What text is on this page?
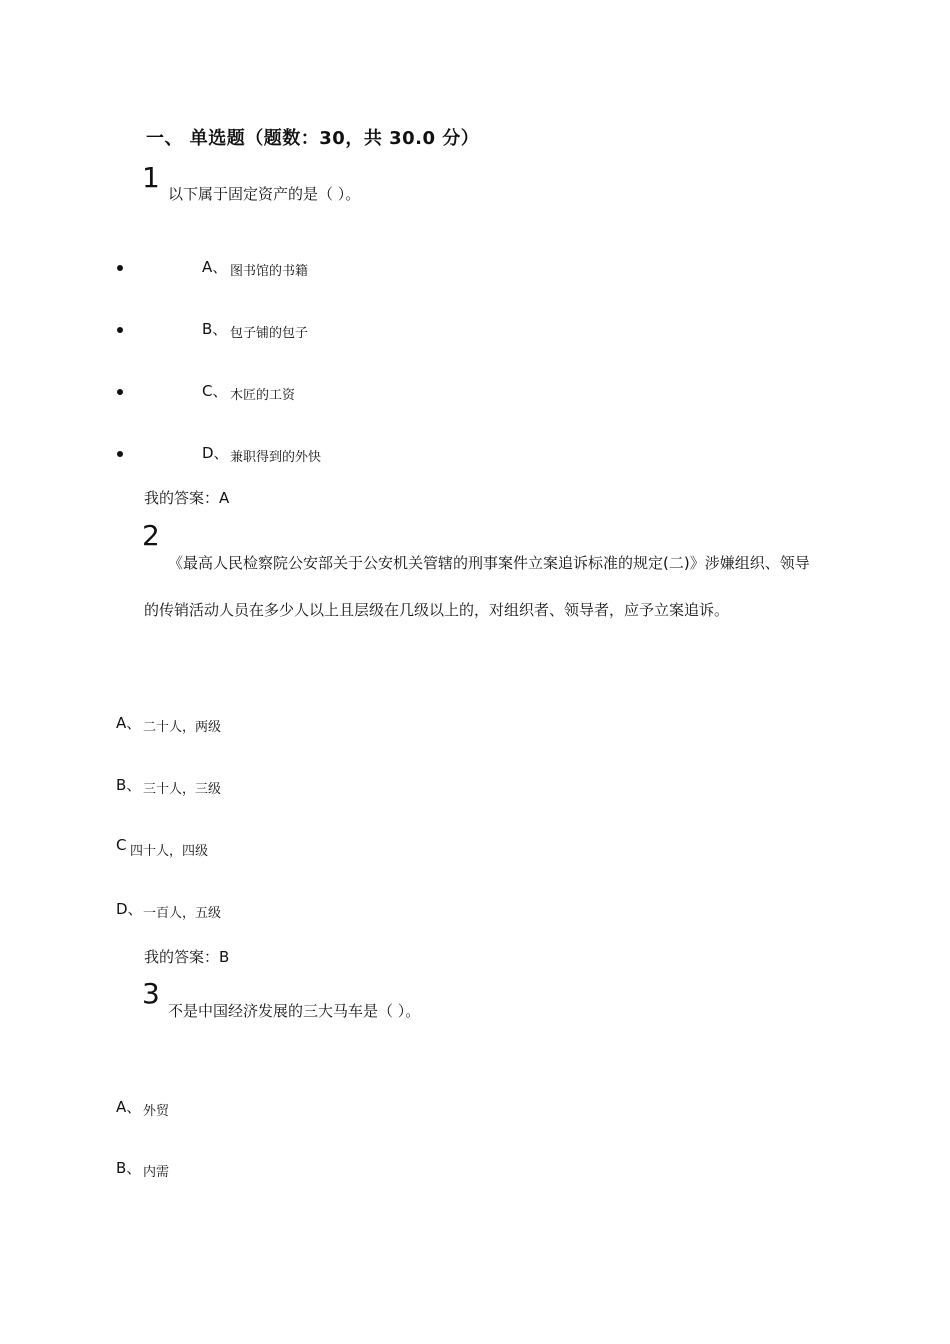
一、 单选题（题数：30，共 30.0 分）
1 以下属于固定资产的是（ ）。
A、 图书馆的书籍
B、 包子铺的包子
C、 木匠的工资
D、 兼职得到的外快
我的答案：A
2
《最高人民检察院公安部关于公安机关管辖的刑事案件立案追诉标准的规定(二)》涉嫌组织、领导的传销活动人员在多少人以上且层级在几级以上的，对组织者、领导者，应予立案追诉。
A、 二十人，两级
B、 三十人，三级
C 四十人，四级
D、 一百人，五级
我的答案：B
3
不是中国经济发展的三大马车是（ ）。
A、 外贸
B、 内需
